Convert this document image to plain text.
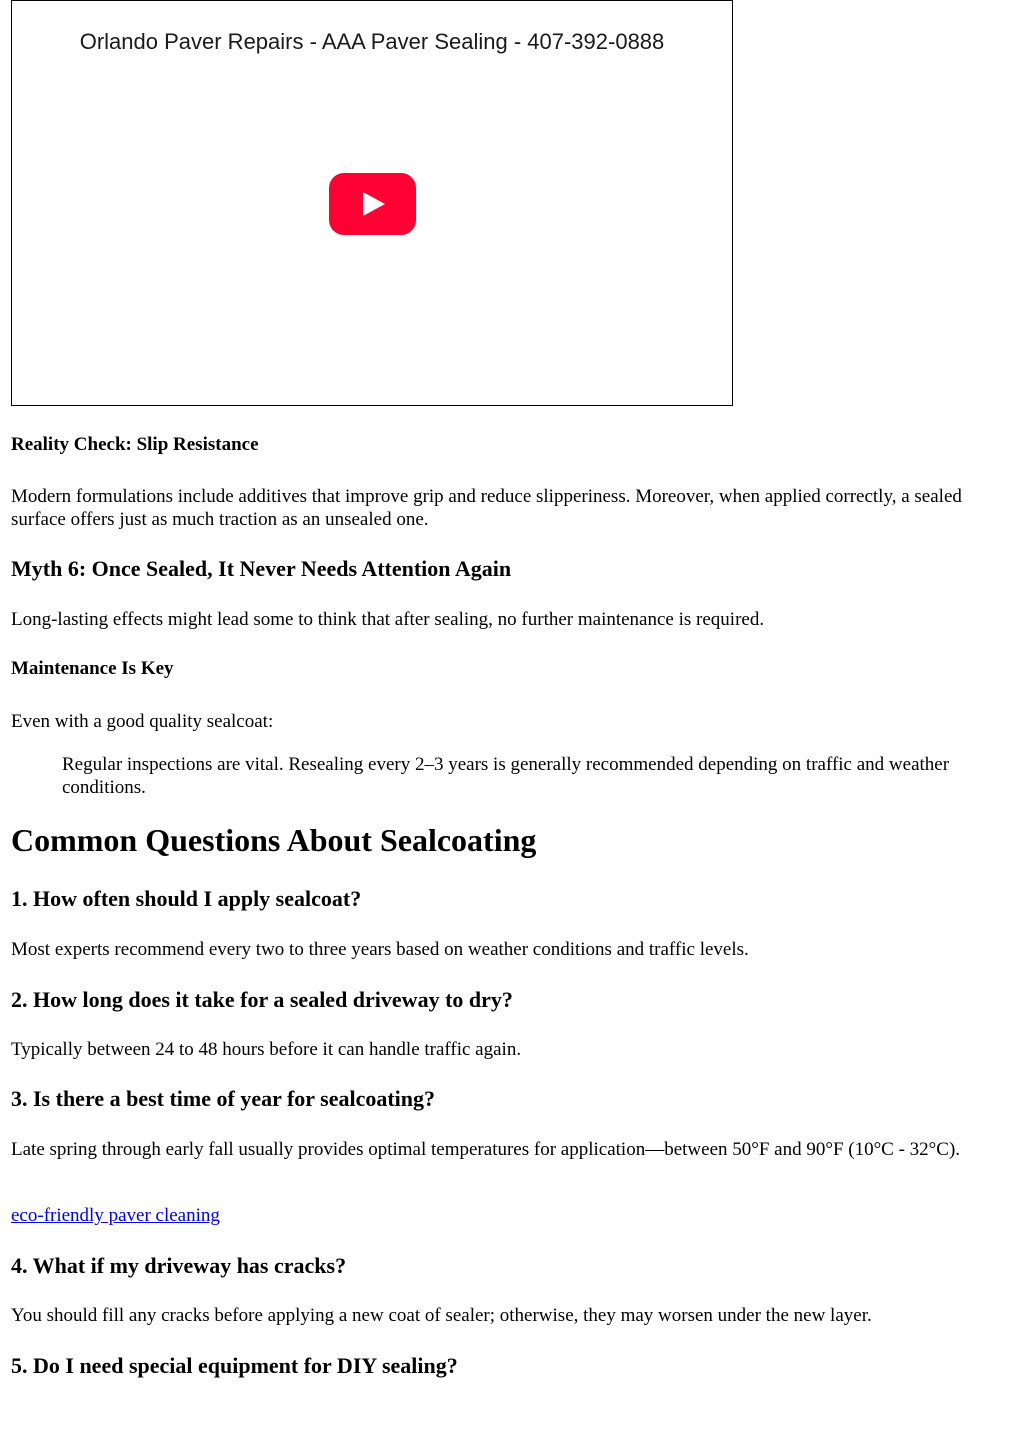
Orlando Paver Repairs - AAA Paver Sealing - 407-392-0888
Reality Check: Slip Resistance

Modern formulations include additives that improve grip and reduce slipperiness. Moreover, when applied correctly, a sealed surface offers just as much traction as an unsealed one.

Myth 6: Once Sealed, It Never Needs Attention Again

Long-lasting effects might lead some to think that after sealing, no further maintenance is required.

Maintenance Is Key

Even with a good quality sealcoat:

Regular inspections are vital. Resealing every 2–3 years is generally recommended depending on traffic and weather conditions.

Common Questions About Sealcoating
1. How often should I apply sealcoat?

Most experts recommend every two to three years based on weather conditions and traffic levels.

2. How long does it take for a sealed driveway to dry?

Typically between 24 to 48 hours before it can handle traffic again.

3. Is there a best time of year for sealcoating?

Late spring through early fall usually provides optimal temperatures for application—between 50°F and 90°F (10°C - 32°C).

eco-friendly paver cleaning
4. What if my driveway has cracks?

You should fill any cracks before applying a new coat of sealer; otherwise, they may worsen under the new layer.

5. Do I need special equipment for DIY sealing?
